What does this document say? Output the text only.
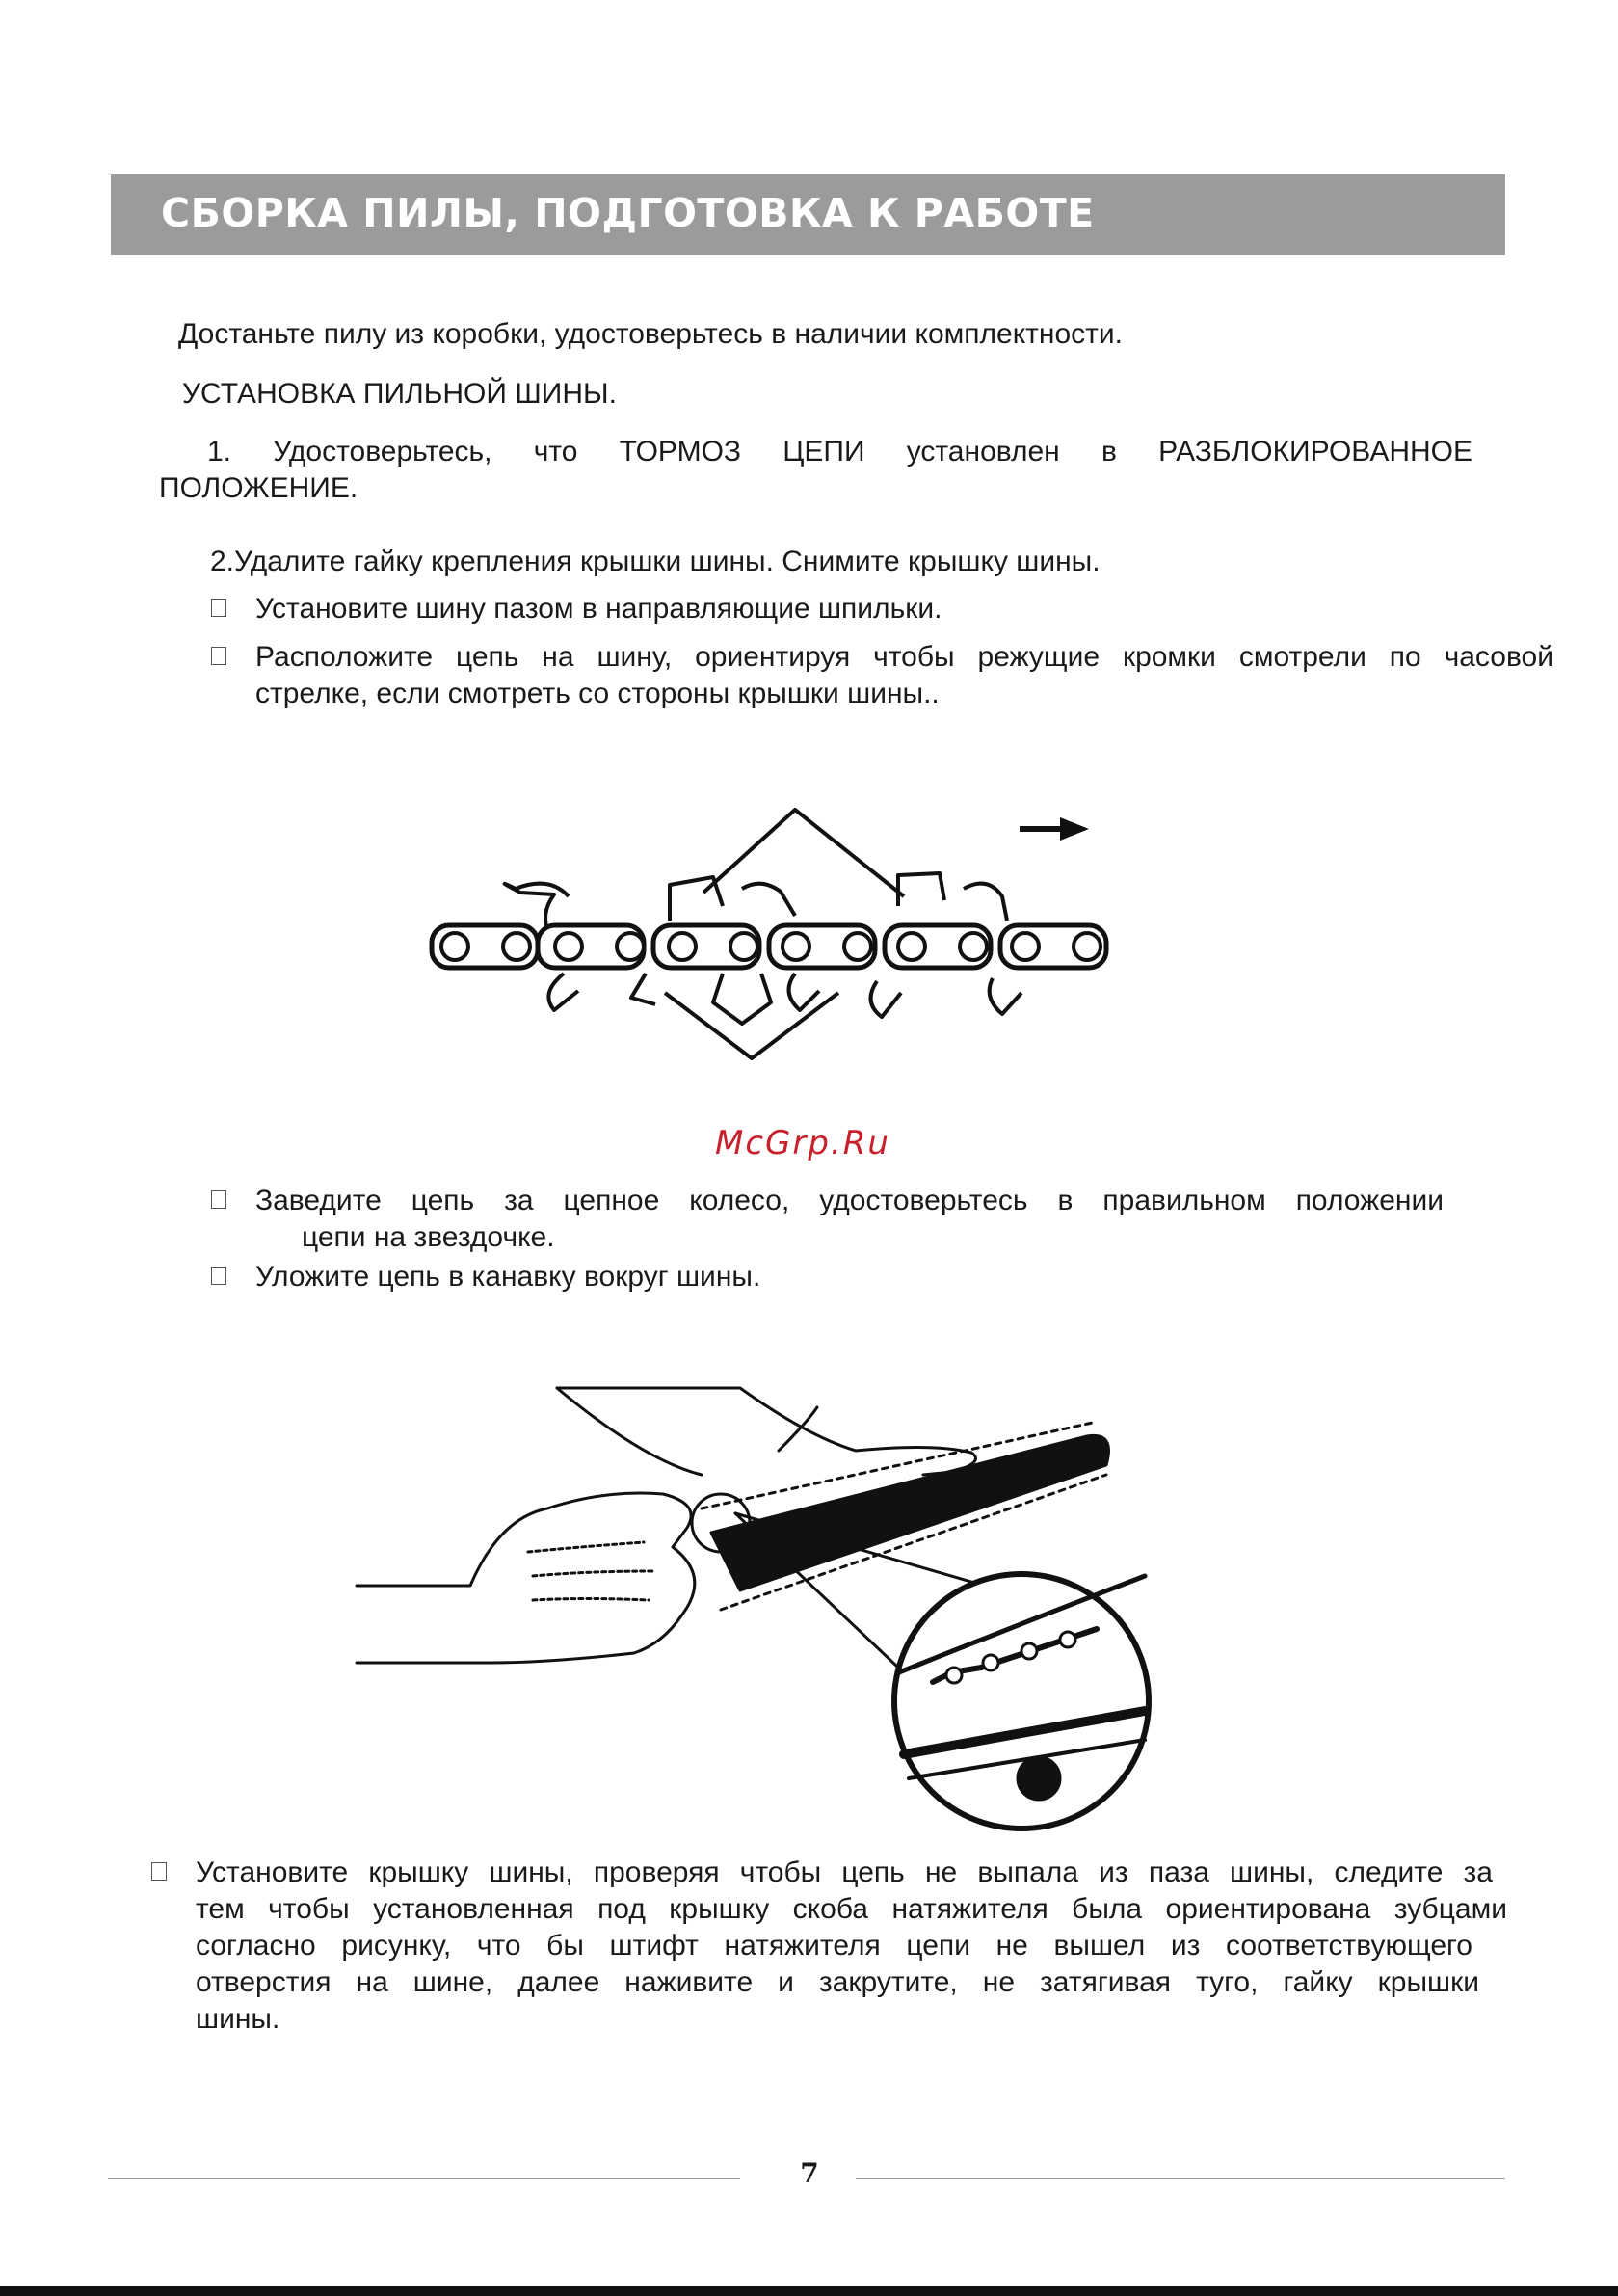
СБОРКА ПИЛЫ, ПОДГОТОВКА К РАБОТЕ
Достаньте пилу из коробки, удостоверьтесь в наличии комплектности.
УСТАНОВКА ПИЛЬНОЙ ШИНЫ.
1. Удостоверьтесь, что ТОРМОЗ ЦЕПИ установлен в РАЗБЛОКИРОВАННОЕ
ПОЛОЖЕНИЕ.
2.Удалите гайку крепления крышки шины. Снимите крышку шины.
Установите шину пазом в направляющие шпильки.
Расположите цепь на шину, ориентируя чтобы режущие кромки смотрели по часовой
стрелке, если смотреть со стороны крышки шины..
McGrp.Ru
Заведите цепь за цепное колесо, удостоверьтесь в правильном положении
цепи на звездочке.
Уложите цепь в канавку вокруг шины.
Установите крышку шины, проверяя чтобы цепь не выпала из паза шины, следите за
тем чтобы установленная под крышку скоба натяжителя была ориентирована зубцами
согласно рисунку, что бы штифт натяжителя цепи не вышел из соответствующего
отверстия на шине, далее наживите и закрутите, не затягивая туго, гайку крышки
шины.
7
